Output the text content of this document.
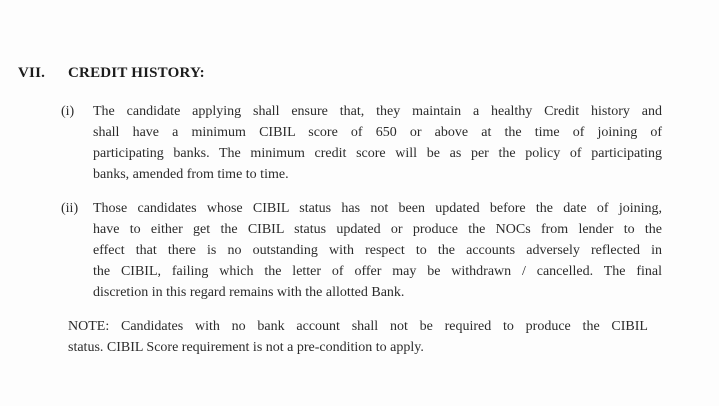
VII. CREDIT HISTORY:
(i)	The candidate applying shall ensure that, they maintain a healthy Credit history and
shall have a minimum CIBIL score of 650 or above at the time of joining of
participating banks. The minimum credit score will be as per the policy of participating
banks, amended from time to time.
(ii)	Those candidates whose CIBIL status has not been updated before the date of joining,
have to either get the CIBIL status updated or produce the NOCs from lender to the
effect that there is no outstanding with respect to the accounts adversely reflected in
the CIBIL, failing which the letter of offer may be withdrawn / cancelled. The final
discretion in this regard remains with the allotted Bank.
NOTE: Candidates with no bank account shall not be required to produce the CIBIL
status. CIBIL Score requirement is not a pre-condition to apply.
